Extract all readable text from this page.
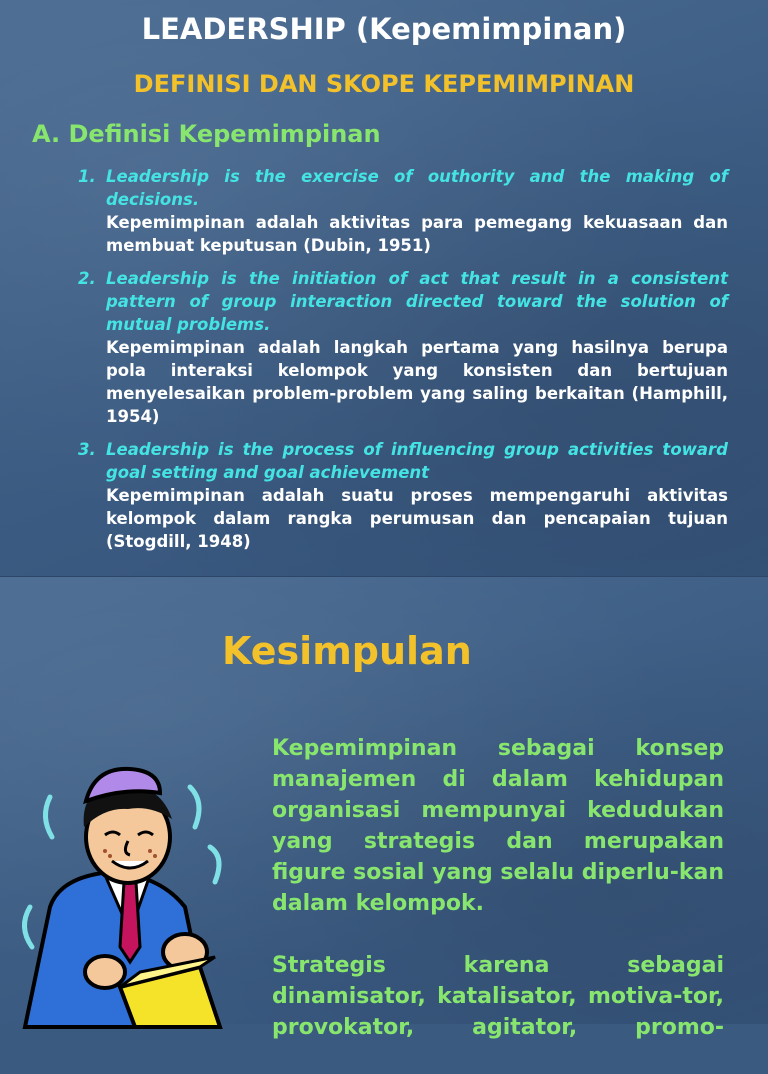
LEADERSHIP (Kepemimpinan)
DEFINISI DAN SKOPE KEPEMIMPINAN
A. Definisi Kepemimpinan
1. Leadership is the exercise of outhority and the making of decisions.
Kepemimpinan adalah aktivitas para pemegang kekuasaan dan membuat keputusan (Dubin, 1951)
2. Leadership is the initiation of act that result in a consistent pattern of group interaction directed toward the solution of mutual problems.
Kepemimpinan adalah langkah pertama yang hasilnya berupa pola interaksi kelompok yang konsisten dan bertujuan menyelesaikan problem-problem yang saling berkaitan (Hamphill, 1954)
3. Leadership is the process of influencing group activities toward goal setting and goal achievement
Kepemimpinan adalah suatu proses mempengaruhi aktivitas kelompok dalam rangka perumusan dan pencapaian tujuan (Stogdill, 1948)
Kesimpulan

Kepemimpinan sebagai konsep manajemen di dalam kehidupan organisasi mempunyai kedudukan yang strategis dan merupakan figure sosial yang selalu diperlu-kan dalam kelompok.

Strategis karena sebagai dinamisator, katalisator, motiva-tor, provokator, agitator, promo-
